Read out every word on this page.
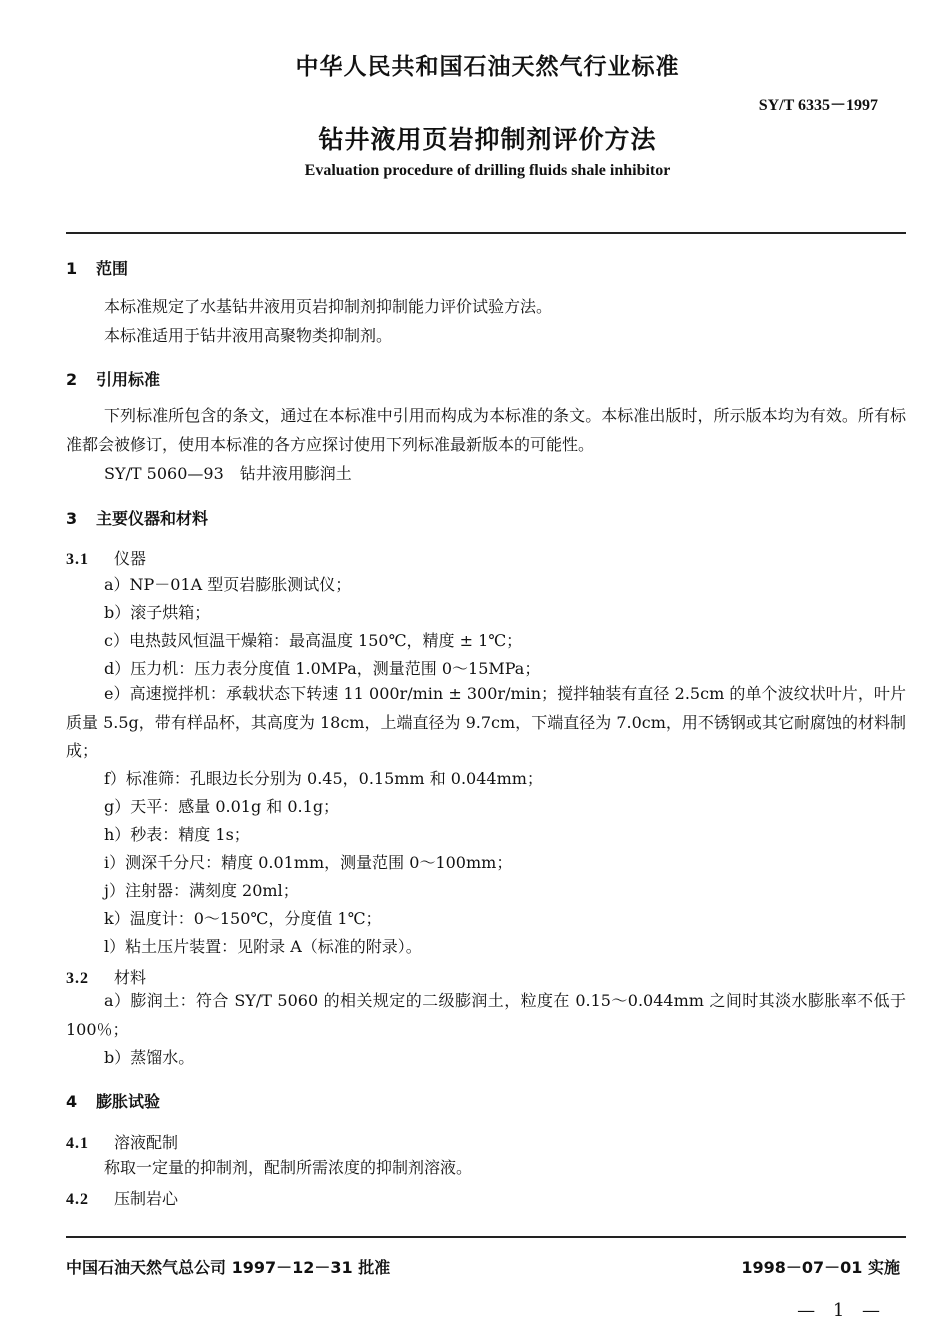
中华人民共和国石油天然气行业标准
SY/T 6335－1997
钻井液用页岩抑制剂评价方法
Evaluation procedure of drilling fluids shale inhibitor
1 范围
本标准规定了水基钻井液用页岩抑制剂抑制能力评价试验方法。
本标准适用于钻井液用高聚物类抑制剂。
2 引用标准
下列标准所包含的条文，通过在本标准中引用而构成为本标准的条文。本标准出版时，所示版本均为有效。所有标准都会被修订，使用本标准的各方应探讨使用下列标准最新版本的可能性。
SY/T 5060—93　钻井液用膨润土
3 主要仪器和材料
3.1 仪器
a）NP－01A 型页岩膨胀测试仪；
b）滚子烘箱；
c）电热鼓风恒温干燥箱：最高温度 150℃，精度 ± 1℃；
d）压力机：压力表分度值 1.0MPa，测量范围 0～15MPa；
e）高速搅拌机：承载状态下转速 11 000r/min ± 300r/min；搅拌轴装有直径 2.5cm 的单个波纹状叶片，叶片质量 5.5g，带有样品杯，其高度为 18cm，上端直径为 9.7cm，下端直径为 7.0cm，用不锈钢或其它耐腐蚀的材料制成；
f）标准筛：孔眼边长分别为 0.45，0.15mm 和 0.044mm；
g）天平：感量 0.01g 和 0.1g；
h）秒表：精度 1s；
i）测深千分尺：精度 0.01mm，测量范围 0～100mm；
j）注射器：满刻度 20ml；
k）温度计：0～150℃，分度值 1℃；
l）粘土压片装置：见附录 A（标准的附录）。
3.2 材料
a）膨润土：符合 SY/T 5060 的相关规定的二级膨润土，粒度在 0.15～0.044mm 之间时其淡水膨胀率不低于 100％；
b）蒸馏水。
4 膨胀试验
4.1 溶液配制
称取一定量的抑制剂，配制所需浓度的抑制剂溶液。
4.2 压制岩心
中国石油天然气总公司 1997－12－31 批准	1998－07－01 实施
— 1 —
